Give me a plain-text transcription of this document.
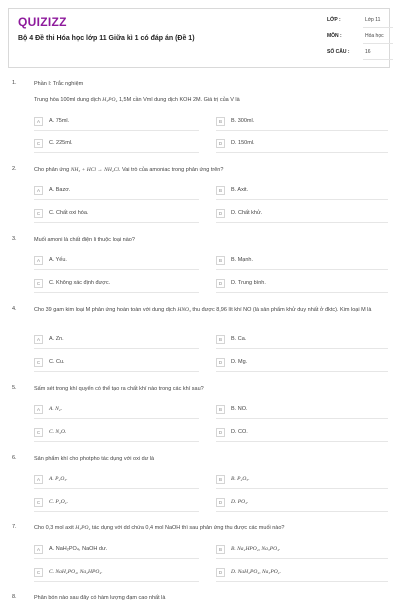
QUIZIZZ
Bộ 4 Đề thi Hóa học lớp 11 Giữa kì 1 có đáp án (Đề 1)
LỚP :	Lớp 11
MÔN :	Hóa học
SỐ CÂU :	16
1.	Phần I: Trắc nghiệm
Trung hòa 100ml dung dịch H₃PO₄ 1,5M cần Vml dung dịch KOH 2M. Giá trị của V là
A	A. 75ml.	B	B. 300ml.
C	C. 225ml.	D	D. 150ml.
2.	Cho phản ứng NH₃ + HCl → NH₄Cl. Vai trò của amoniac trong phản ứng trên?
A	A. Bazơ.	B	B. Axit.
C	C. Chất oxi hóa.	D	D. Chất khử.
3.	Muối amoni là chất điện li thuộc loại nào?
A	A. Yếu.	B	B. Mạnh.
C	C. Không xác định được.	D	D. Trung bình.
4.	Cho 39 gam kim loại M phản ứng hoàn toàn với dung dịch HNO₃ thu được 8,96 lít khí NO (là sản phẩm khử duy nhất ở đktc). Kim loại M là
A	A. Zn.	B	B. Ca.
C	C. Cu.	D	D. Mg.
5.	Sấm sét trong khí quyển có thể tạo ra chất khí nào trong các khí sau?
A	A. N₂.	B	B. NO.
C	C. N₂O.	D	D. CO.
6.	Sản phẩm khí cho photpho tác dụng với oxi dư là
A	A. P₂O₃.	B	B. P₂O₅.
C	C. P₂O₄.	D	D. PO₄.
7.	Cho 0,3 mol axit H₃PO₄ tác dụng với dd chứa 0,4 mol NaOH thì sau phản ứng thu được các muối nào?
A	A. NaH₂PO₄, NaOH dư.	B	B. Na₂HPO₄, Na₃PO₄.
C	C. NaH₂PO₄, Na₂HPO₄.	D	D. NaH₂PO₄, Na₃PO₄.
8.	Phân bón nào sau đây có hàm lượng đạm cao nhất là
